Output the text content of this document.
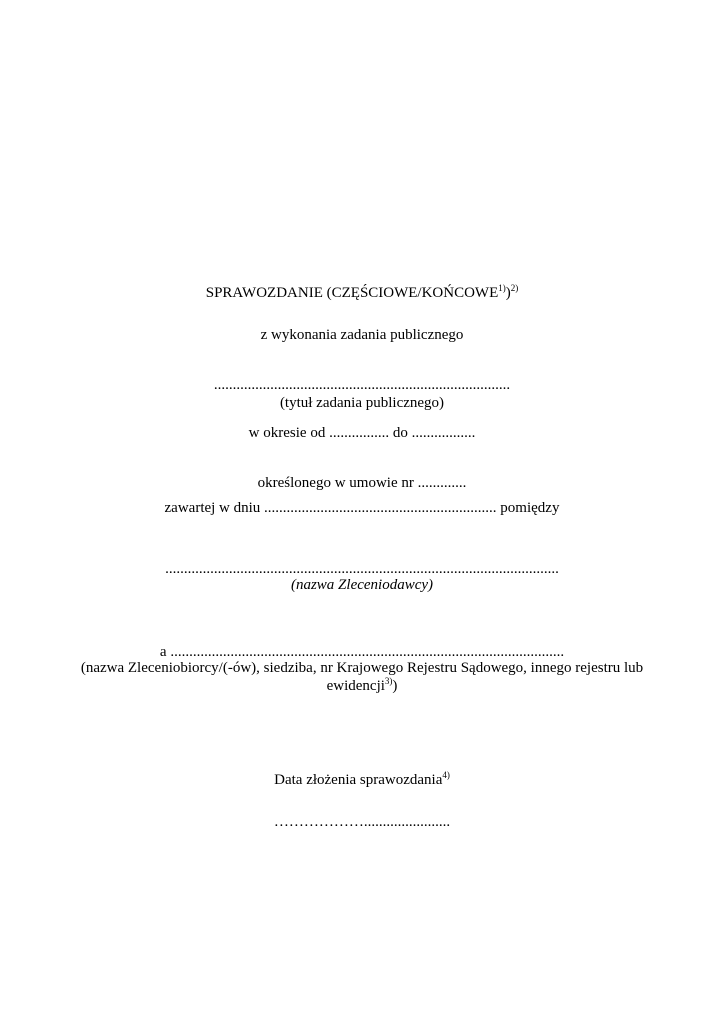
SPRAWOZDANIE (CZĘŚCIOWE/KOŃCOWE$^{1)}$)$^{2)}$
z wykonania zadania publicznego
...............................................................................
(tytuł zadania publicznego)
w okresie od ................ do .................
określonego w umowie nr .............
zawartej w dniu .............................................................. pomiędzy
.........................................................................................................
(nazwa Zleceniodawcy)
a .........................................................................................................
(nazwa Zleceniobiorcy/(-ów), siedziba, nr Krajowego Rejestru Sądowego, innego rejestru lub
ewidencji$^{3)}$)
Data złożenia sprawozdania$^{4)}$
……………….......................
